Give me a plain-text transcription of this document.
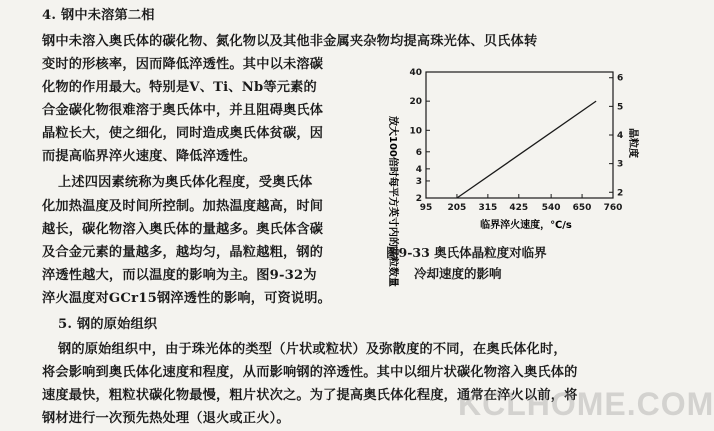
4. 钢中未溶第二相
钢中未溶入奥氏体的碳化物、氮化物以及其他非金属夹杂物均提高珠光体、贝氏体转
变时的形核率，因而降低淬透性。其中以未溶碳
化物的作用最大。特别是V、Ti、Nb等元素的
合金碳化物很难溶于奥氏体中，并且阻碍奥氏体
晶粒长大，使之细化，同时造成奥氏体贫碳，因
而提高临界淬火速度、降低淬透性。
上述四因素统称为奥氏体化程度，受奥氏体
化加热温度及时间所控制。加热温度越高，时间
越长，碳化物溶入奥氏体的量越多。奥氏体含碳
及合金元素的量越多，越均匀，晶粒越粗，钢的
淬透性越大，而以温度的影响为主。图9-32为
淬火温度对GCr15钢淬透性的影响，可资说明。
5. 钢的原始组织
钢的原始组织中，由于珠光体的类型（片状或粒状）及弥散度的不同，在奥氏体化时，
将会影响到奥氏体化速度和程度，从而影响钢的淬透性。其中以细片状碳化物溶入奥氏体的
速度最快，粗粒状碳化物最慢，粗片状次之。为了提高奥氏体化程度，通常在淬火以前，将
钢材进行一次预先热处理（退火或正火）。
放大100倍时每平方英寸内的晶粒数量	晶粒度
95 205 315 425 540 650 760
2
3
4
6
10
20
40
2
3
4
5
6
临界淬火速度，℃/s
图9-33 奥氏体晶粒度对临界
冷却速度的影响
KCLHOME.COM
